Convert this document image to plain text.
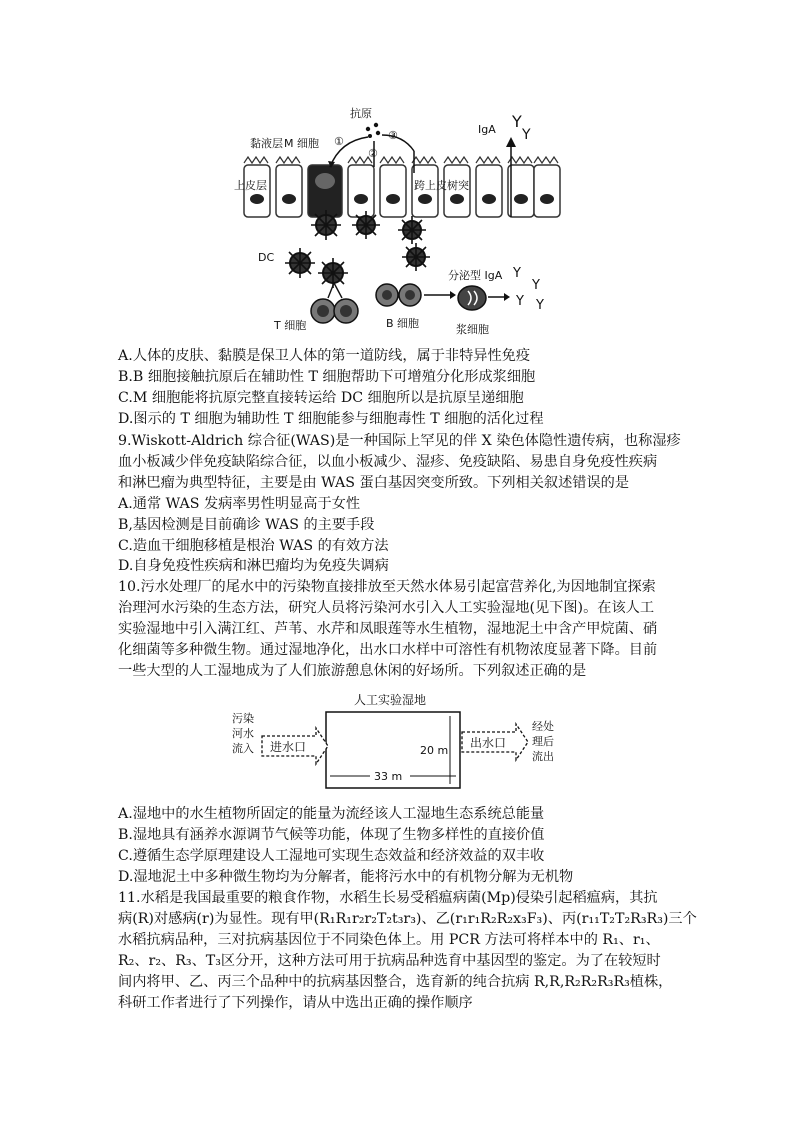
Y
Y
Y
Y
Y Y
M 细胞
抗原
黏液层
上皮层	跨上皮树突
IgA
DC
T 细胞	B 细胞
分泌型 IgA
浆细胞
①
②
③
A.人体的皮肤、黏膜是保卫人体的第一道防线，属于非特异性免疫
B.B 细胞接触抗原后在辅助性 T 细胞帮助下可增殖分化形成浆细胞
C.M 细胞能将抗原完整直接转运给 DC 细胞所以是抗原呈递细胞
D.图示的 T 细胞为辅助性 T 细胞能参与细胞毒性 T 细胞的活化过程
9.Wiskott-Aldrich 综合征(WAS)是一种国际上罕见的伴 X 染色体隐性遗传病，也称湿疹
血小板减少伴免疫缺陷综合征，以血小板减少、湿疹、免疫缺陷、易患自身免疫性疾病
和淋巴瘤为典型特征，主要是由 WAS 蛋白基因突变所致。下列相关叙述错误的是
A.通常 WAS 发病率男性明显高于女性
B,基因检测是目前确诊 WAS 的主要手段
C.造血干细胞移植是根治 WAS 的有效方法
D.自身免疫性疾病和淋巴瘤均为免疫失调病
10.污水处理厂的尾水中的污染物直接排放至天然水体易引起富营养化,为因地制宜探索
治理河水污染的生态方法，研究人员将污染河水引入人工实验湿地(见下图)。在该人工
实验湿地中引入满江红、芦苇、水芹和凤眼莲等水生植物，湿地泥土中含产甲烷菌、硝
化细菌等多种微生物。通过湿地净化，出水口水样中可溶性有机物浓度显著下降。目前
一些大型的人工湿地成为了人们旅游憩息休闲的好场所。下列叙述正确的是
人工实验湿地
进水口
污染
河水
流入	出水口
经处
理后
流出
20 m
33 m
A.湿地中的水生植物所固定的能量为流经该人工湿地生态系统总能量
B.湿地具有涵养水源调节气候等功能，体现了生物多样性的直接价值
C.遵循生态学原理建设人工湿地可实现生态效益和经济效益的双丰收
D.湿地泥土中多种微生物均为分解者，能将污水中的有机物分解为无机物
11.水稻是我国最重要的粮食作物，水稻生长易受稻瘟病菌(Mp)侵染引起稻瘟病，其抗
病(R)对感病(r)为显性。现有甲(R₁R₁r₂r₂T₂t₃r₃)、乙(r₁r₁R₂R₂x₃F₃)、丙(r₁₁T₂T₂R₃R₃)三个
水稻抗病品种，三对抗病基因位于不同染色体上。用 PCR 方法可将样本中的 R₁、r₁、
R₂、r₂、R₃、T₃区分开，这种方法可用于抗病品种选育中基因型的鉴定。为了在较短时
间内将甲、乙、丙三个品种中的抗病基因整合，选育新的纯合抗病 R,R,R₂R₂R₃R₃植株，
科研工作者进行了下列操作，请从中选出正确的操作顺序
